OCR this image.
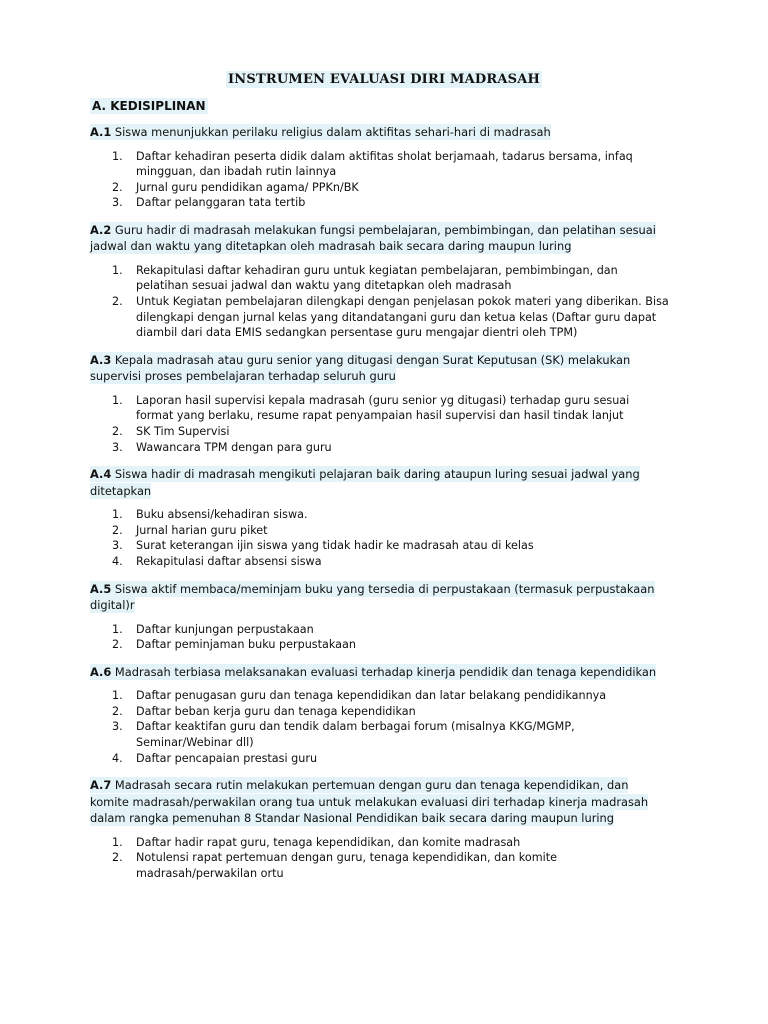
INSTRUMEN EVALUASI DIRI MADRASAH
A. KEDISIPLINAN
A.1 Siswa menunjukkan perilaku religius dalam aktifitas sehari-hari di madrasah
1. Daftar kehadiran peserta didik dalam aktifitas sholat berjamaah, tadarus bersama, infaq mingguan, dan ibadah rutin lainnya
2. Jurnal guru pendidikan agama/ PPKn/BK
3. Daftar pelanggaran tata tertib
A.2 Guru hadir di madrasah melakukan fungsi pembelajaran, pembimbingan, dan pelatihan sesuai jadwal dan waktu yang ditetapkan oleh madrasah baik secara daring maupun luring
1. Rekapitulasi daftar kehadiran guru untuk kegiatan pembelajaran, pembimbingan, dan pelatihan sesuai jadwal dan waktu yang ditetapkan oleh madrasah
2. Untuk Kegiatan pembelajaran dilengkapi dengan penjelasan pokok materi yang diberikan. Bisa dilengkapi dengan jurnal kelas yang ditandatangani guru dan ketua kelas (Daftar guru dapat diambil dari data EMIS sedangkan persentase guru mengajar dientri oleh TPM)
A.3 Kepala madrasah atau guru senior yang ditugasi dengan Surat Keputusan (SK) melakukan supervisi proses pembelajaran terhadap seluruh guru
1. Laporan hasil supervisi kepala madrasah (guru senior yg ditugasi) terhadap guru sesuai format yang berlaku, resume rapat penyampaian hasil supervisi dan hasil tindak lanjut
2. SK Tim Supervisi
3. Wawancara TPM dengan para guru
A.4 Siswa hadir di madrasah mengikuti pelajaran baik daring ataupun luring sesuai jadwal yang ditetapkan
1. Buku absensi/kehadiran siswa.
2. Jurnal harian guru piket
3. Surat keterangan ijin siswa yang tidak hadir ke madrasah atau di kelas
4. Rekapitulasi daftar absensi siswa
A.5 Siswa aktif membaca/meminjam buku yang tersedia di perpustakaan (termasuk perpustakaan digital)r
1. Daftar kunjungan perpustakaan
2. Daftar peminjaman buku perpustakaan
A.6 Madrasah terbiasa melaksanakan evaluasi terhadap kinerja pendidik dan tenaga kependidikan
1. Daftar penugasan guru dan tenaga kependidikan dan latar belakang pendidikannya
2. Daftar beban kerja guru dan tenaga kependidikan
3. Daftar keaktifan guru dan tendik dalam berbagai forum (misalnya KKG/MGMP, Seminar/Webinar dll)
4. Daftar pencapaian prestasi guru
A.7 Madrasah secara rutin melakukan pertemuan dengan guru dan tenaga kependidikan, dan komite madrasah/perwakilan orang tua untuk melakukan evaluasi diri terhadap kinerja madrasah dalam rangka pemenuhan 8 Standar Nasional Pendidikan baik secara daring maupun luring
1. Daftar hadir rapat guru, tenaga kependidikan, dan komite madrasah
2. Notulensi rapat pertemuan dengan guru, tenaga kependidikan, dan komite madrasah/perwakilan ortu
